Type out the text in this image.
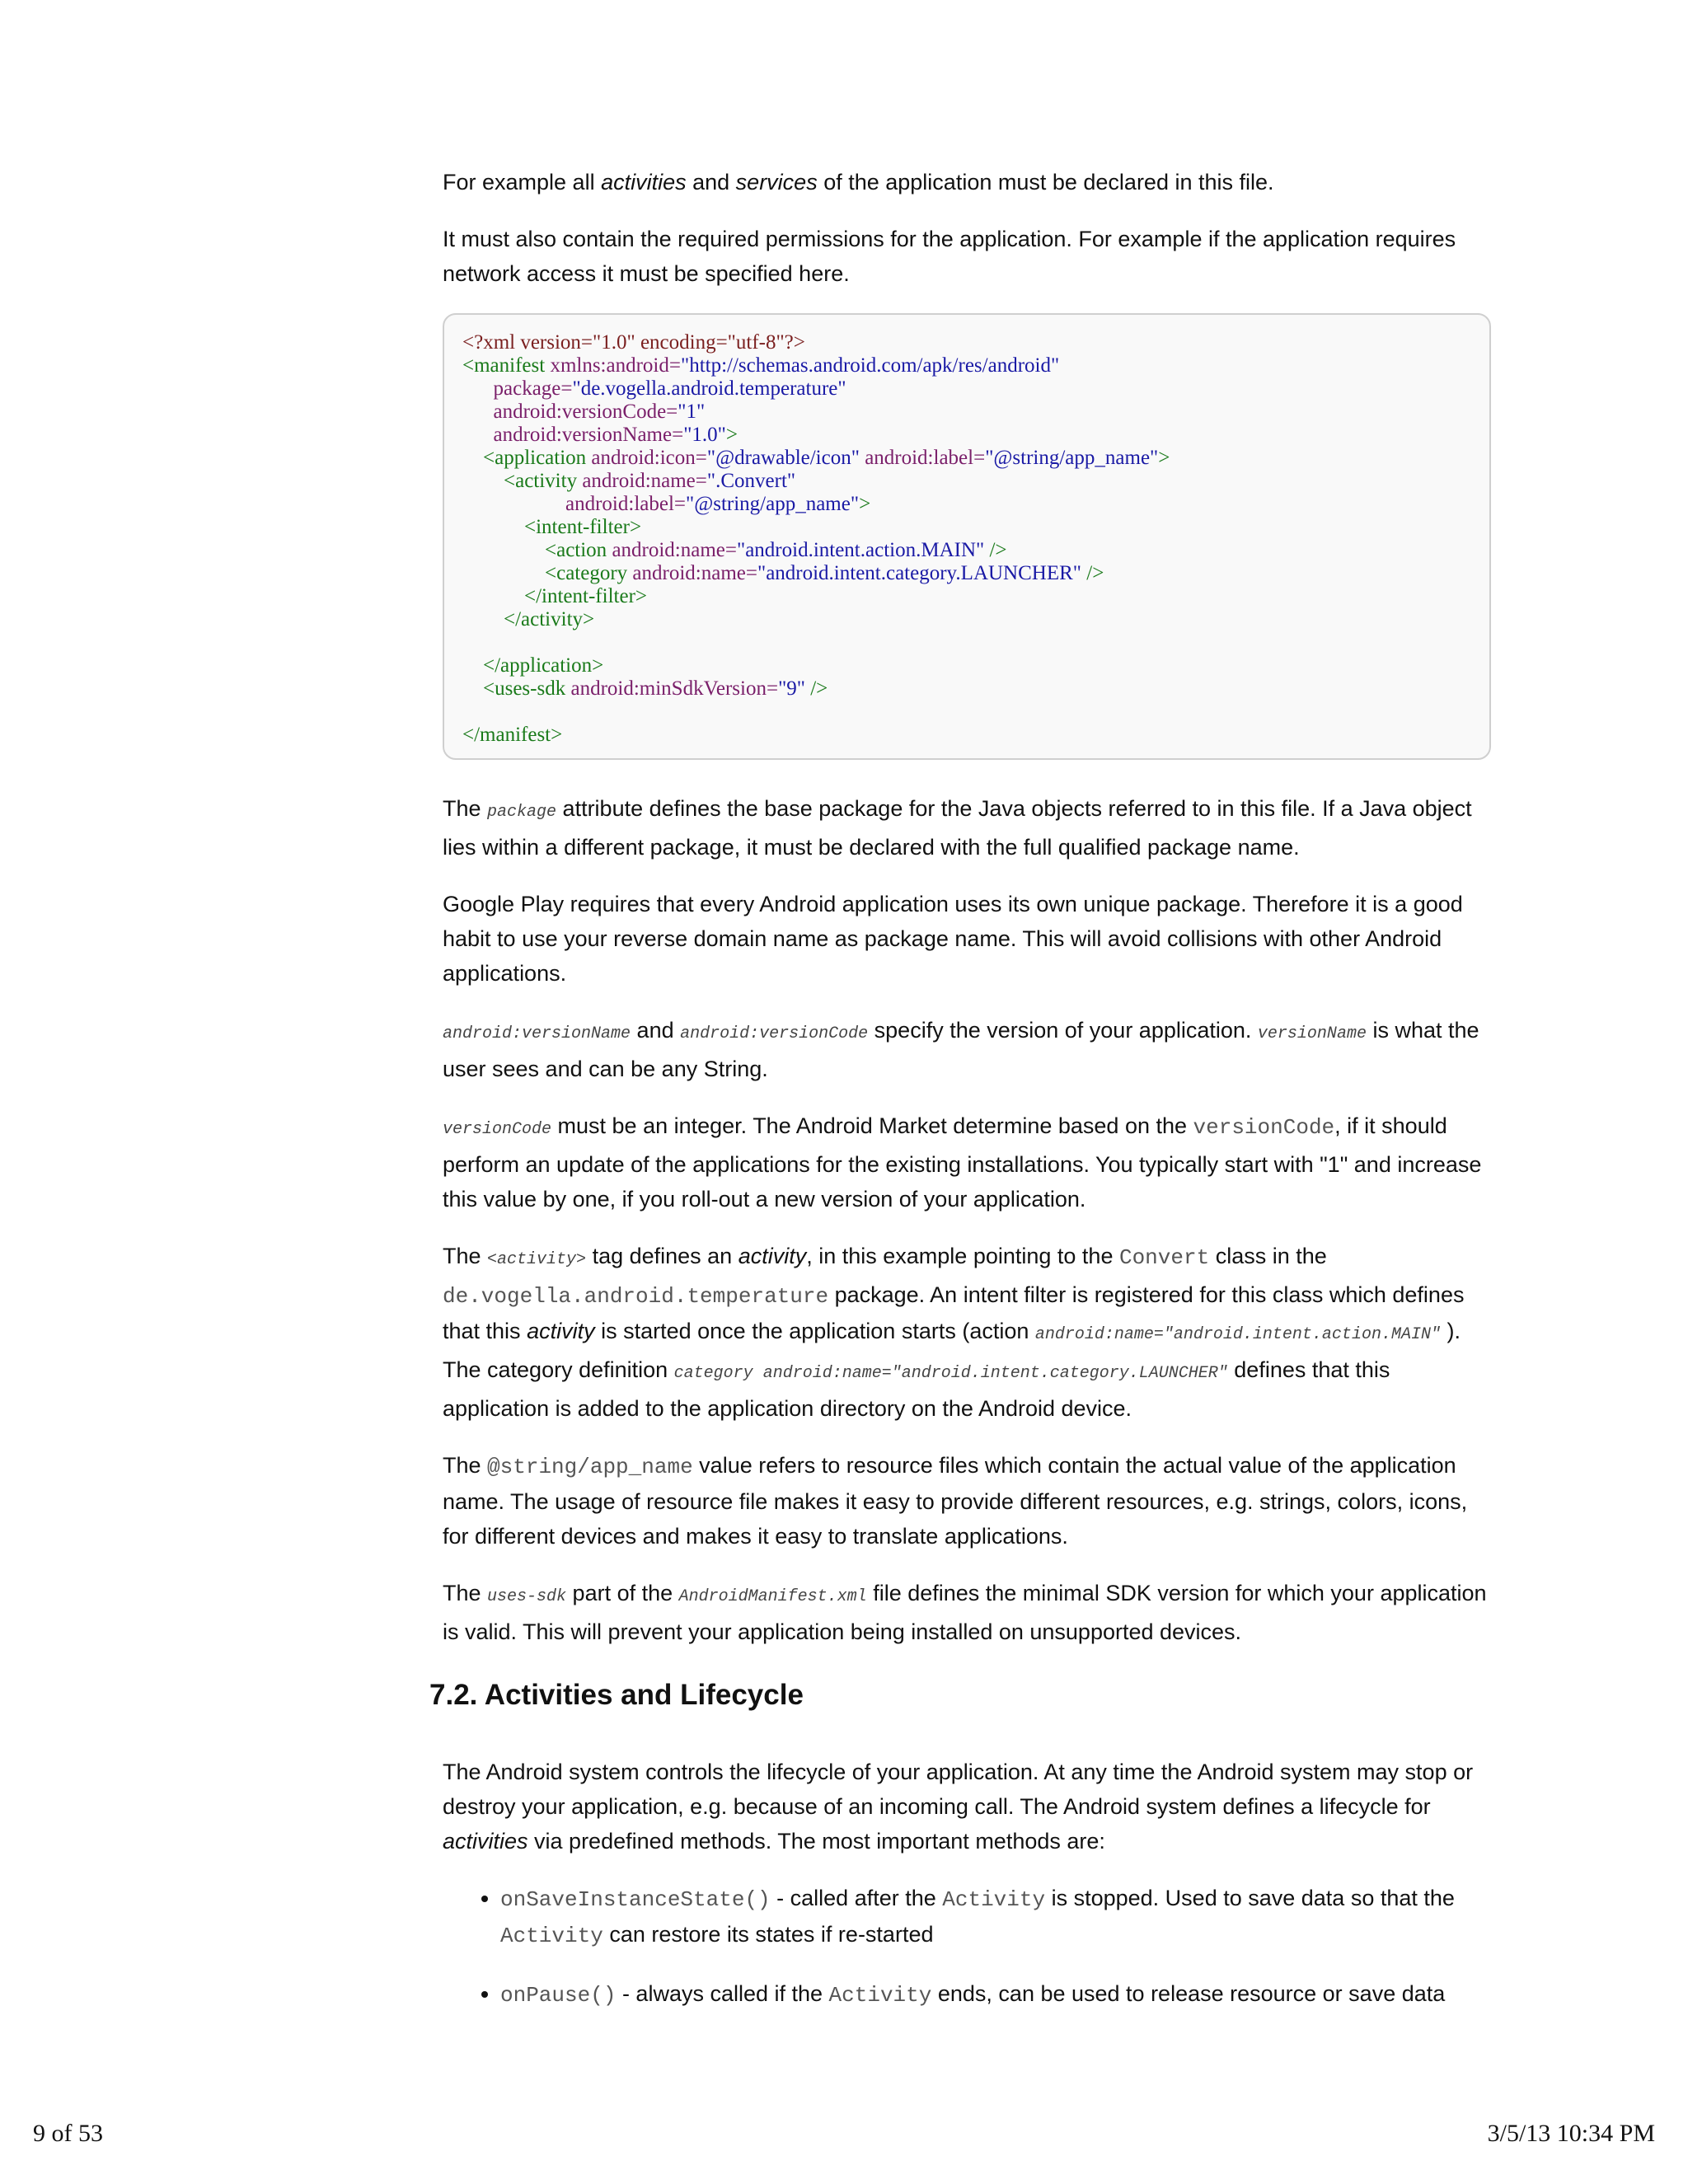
For example all activities and services of the application must be declared in this file.

It must also contain the required permissions for the application. For example if the application requires network access it must be specified here.

<?xml version="1.0" encoding="utf-8"?>
<manifest xmlns:android="http://schemas.android.com/apk/res/android"
package="de.vogella.android.temperature"
android:versionCode="1"
android:versionName="1.0">
<application android:icon="@drawable/icon" android:label="@string/app_name">
<activity android:name=".Convert"
android:label="@string/app_name">
<intent-filter>
<action android:name="android.intent.action.MAIN" />
<category android:name="android.intent.category.LAUNCHER" />
</intent-filter>
</activity>

</application>
<uses-sdk android:minSdkVersion="9" />

</manifest>

The package attribute defines the base package for the Java objects referred to in this file. If a Java object lies within a different package, it must be declared with the full qualified package name.

Google Play requires that every Android application uses its own unique package. Therefore it is a good habit to use your reverse domain name as package name. This will avoid collisions with other Android applications.

android:versionName and android:versionCode specify the version of your application. versionName is what the user sees and can be any String.

versionCode must be an integer. The Android Market determine based on the versionCode, if it should perform an update of the applications for the existing installations. You typically start with "1" and increase this value by one, if you roll-out a new version of your application.

The <activity> tag defines an activity, in this example pointing to the Convert class in the de.vogella.android.temperature package. An intent filter is registered for this class which defines that this activity is started once the application starts (action android:name="android.intent.action.MAIN" ). The category definition category android:name="android.intent.category.LAUNCHER" defines that this application is added to the application directory on the Android device.

The @string/app_name value refers to resource files which contain the actual value of the application name. The usage of resource file makes it easy to provide different resources, e.g. strings, colors, icons, for different devices and makes it easy to translate applications.

The uses-sdk part of the AndroidManifest.xml file defines the minimal SDK version for which your application is valid. This will prevent your application being installed on unsupported devices.

7.2. Activities and Lifecycle

The Android system controls the lifecycle of your application. At any time the Android system may stop or destroy your application, e.g. because of an incoming call. The Android system defines a lifecycle for activities via predefined methods. The most important methods are:

• onSaveInstanceState() - called after the Activity is stopped. Used to save data so that the Activity can restore its states if re-started
• onPause() - always called if the Activity ends, can be used to release resource or save data
9 of 53	3/5/13 10:34 PM
